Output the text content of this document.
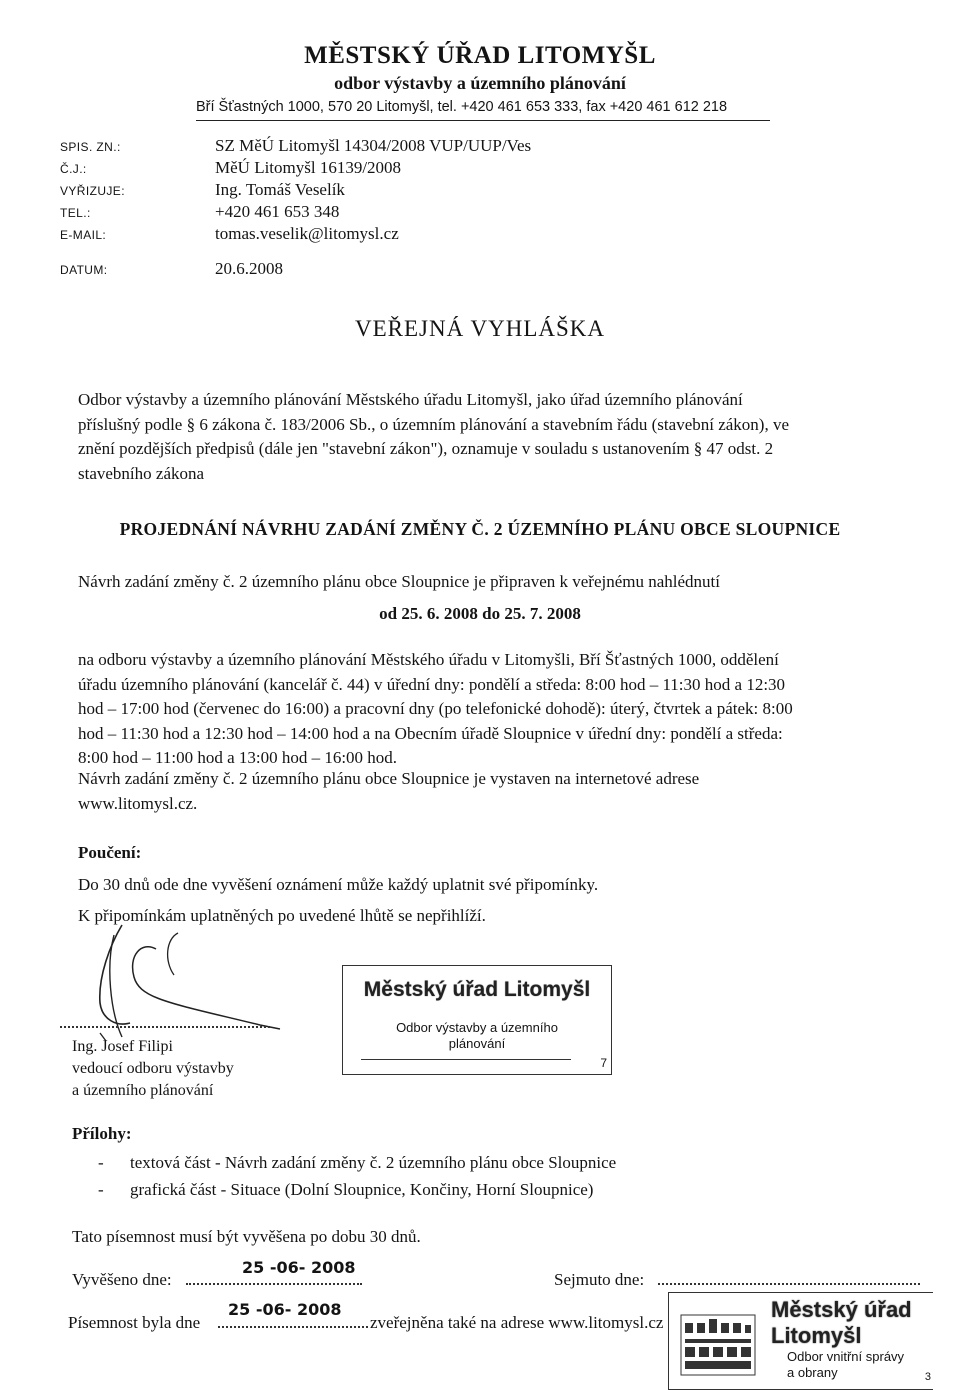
MĚSTSKÝ ÚŘAD LITOMYŠL
odbor výstavby a územního plánování
Bří Šťastných 1000, 570 20 Litomyšl, tel. +420 461 653 333, fax +420 461 612 218
SPIS. ZN.:	SZ MěÚ Litomyšl 14304/2008 VUP/UUP/Ves
Č.J.:	MěÚ Litomyšl 16139/2008
VYŘIZUJE:	Ing. Tomáš Veselík
TEL.:	+420 461 653 348
E-MAIL:	tomas.veselik@litomysl.cz
DATUM:	20.6.2008
VEŘEJNÁ VYHLÁŠKA
Odbor výstavby a územního plánování Městského úřadu Litomyšl, jako úřad územního plánování
příslušný podle § 6 zákona č. 183/2006 Sb., o územním plánování a stavebním řádu (stavební zákon), ve
znění pozdějších předpisů (dále jen "stavební zákon"), oznamuje v souladu s ustanovením § 47 odst. 2
stavebního zákona
PROJEDNÁNÍ NÁVRHU ZADÁNÍ ZMĚNY Č. 2 ÚZEMNÍHO PLÁNU OBCE SLOUPNICE
Návrh zadání změny č. 2 územního plánu obce Sloupnice je připraven k veřejnému nahlédnutí
od 25. 6. 2008 do 25. 7. 2008
na odboru výstavby a územního plánování Městského úřadu v Litomyšli, Bří Šťastných 1000, oddělení
úřadu územního plánování (kancelář č. 44) v úřední dny: pondělí a středa: 8:00 hod – 11:30 hod a 12:30
hod – 17:00 hod (červenec do 16:00) a pracovní dny (po telefonické dohodě): úterý, čtvrtek a pátek: 8:00
hod – 11:30 hod a 12:30 hod – 14:00 hod a na Obecním úřadě Sloupnice v úřední dny: pondělí a středa:
8:00 hod – 11:00 hod a 13:00 hod – 16:00 hod.
Návrh zadání změny č. 2 územního plánu obce Sloupnice je vystaven na internetové adrese
www.litomysl.cz.
Poučení:
Do 30 dnů ode dne vyvěšení oznámení může každý uplatnit své připomínky.
K připomínkám uplatněných po uvedené lhůtě se nepřihlíží.
Ing. Josef Filipi
vedoucí odboru výstavby
a územního plánování
Městský úřad Litomyšl
Odbor výstavby a územního
plánování
7
Přílohy:
- textová část - Návrh zadání změny č. 2 územního plánu obce Sloupnice
- grafická část - Situace (Dolní Sloupnice, Končiny, Horní Sloupnice)
Tato písemnost musí být vyvěšena po dobu 30 dnů.
Vyvěšeno dne:
25 -06- 2008
Sejmuto dne:
Písemnost byla dne
25 -06- 2008
zveřejněna také na adrese www.litomysl.cz
Městský úřad Litomyšl
Odbor vnitřní správy
a obrany	3
